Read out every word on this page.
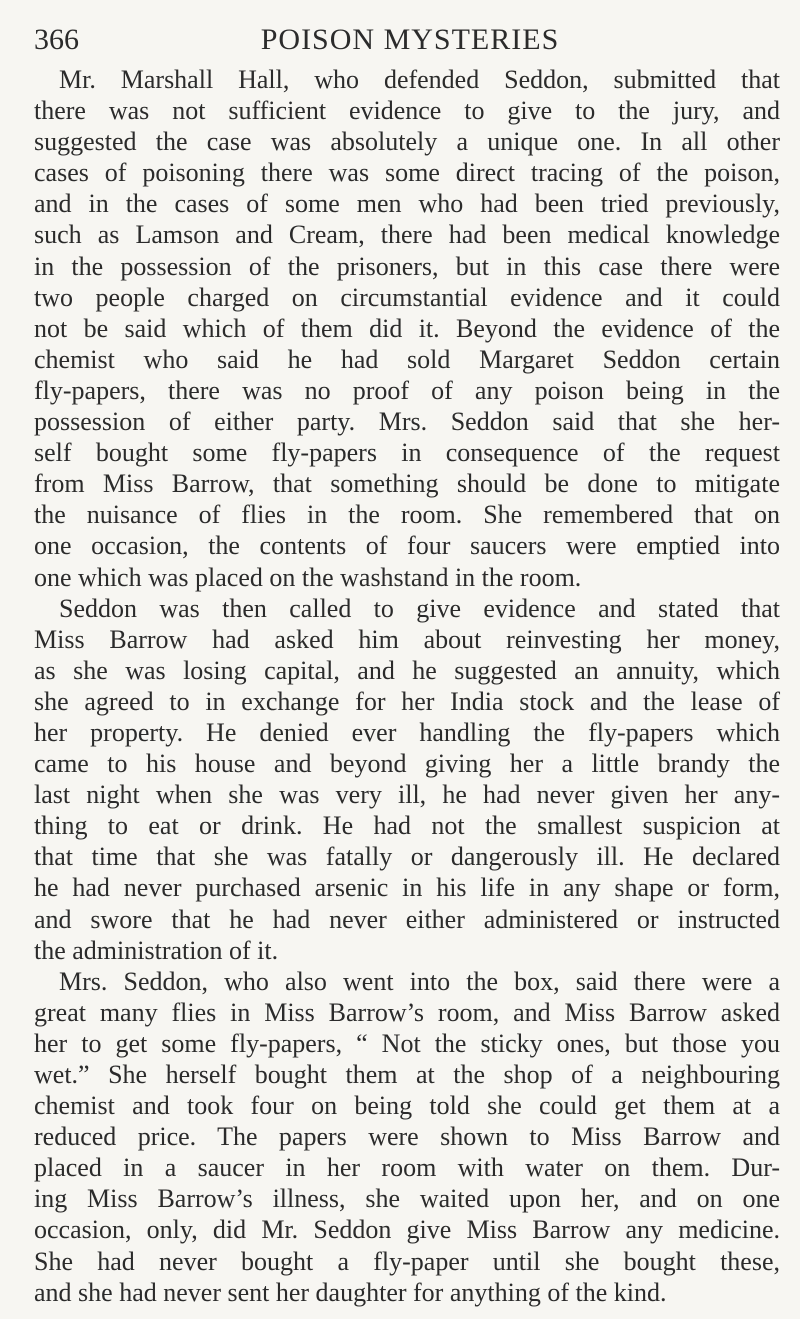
366	POISON MYSTERIES
Mr. Marshall Hall, who defended Seddon, submitted that
there was not sufficient evidence to give to the jury, and
suggested the case was absolutely a unique one. In all other
cases of poisoning there was some direct tracing of the poison,
and in the cases of some men who had been tried previously,
such as Lamson and Cream, there had been medical knowledge
in the possession of the prisoners, but in this case there were
two people charged on circumstantial evidence and it could
not be said which of them did it. Beyond the evidence of the
chemist who said he had sold Margaret Seddon certain
fly-papers, there was no proof of any poison being in the
possession of either party. Mrs. Seddon said that she her-
self bought some fly-papers in consequence of the request
from Miss Barrow, that something should be done to mitigate
the nuisance of flies in the room. She remembered that on
one occasion, the contents of four saucers were emptied into
one which was placed on the washstand in the room.
Seddon was then called to give evidence and stated that
Miss Barrow had asked him about reinvesting her money,
as she was losing capital, and he suggested an annuity, which
she agreed to in exchange for her India stock and the lease of
her property. He denied ever handling the fly-papers which
came to his house and beyond giving her a little brandy the
last night when she was very ill, he had never given her any-
thing to eat or drink. He had not the smallest suspicion at
that time that she was fatally or dangerously ill. He declared
he had never purchased arsenic in his life in any shape or form,
and swore that he had never either administered or instructed
the administration of it.
Mrs. Seddon, who also went into the box, said there were a
great many flies in Miss Barrow’s room, and Miss Barrow asked
her to get some fly-papers, “ Not the sticky ones, but those you
wet.” She herself bought them at the shop of a neighbouring
chemist and took four on being told she could get them at a
reduced price. The papers were shown to Miss Barrow and
placed in a saucer in her room with water on them. Dur-
ing Miss Barrow’s illness, she waited upon her, and on one
occasion, only, did Mr. Seddon give Miss Barrow any medicine.
She had never bought a fly-paper until she bought these,
and she had never sent her daughter for anything of the kind.
